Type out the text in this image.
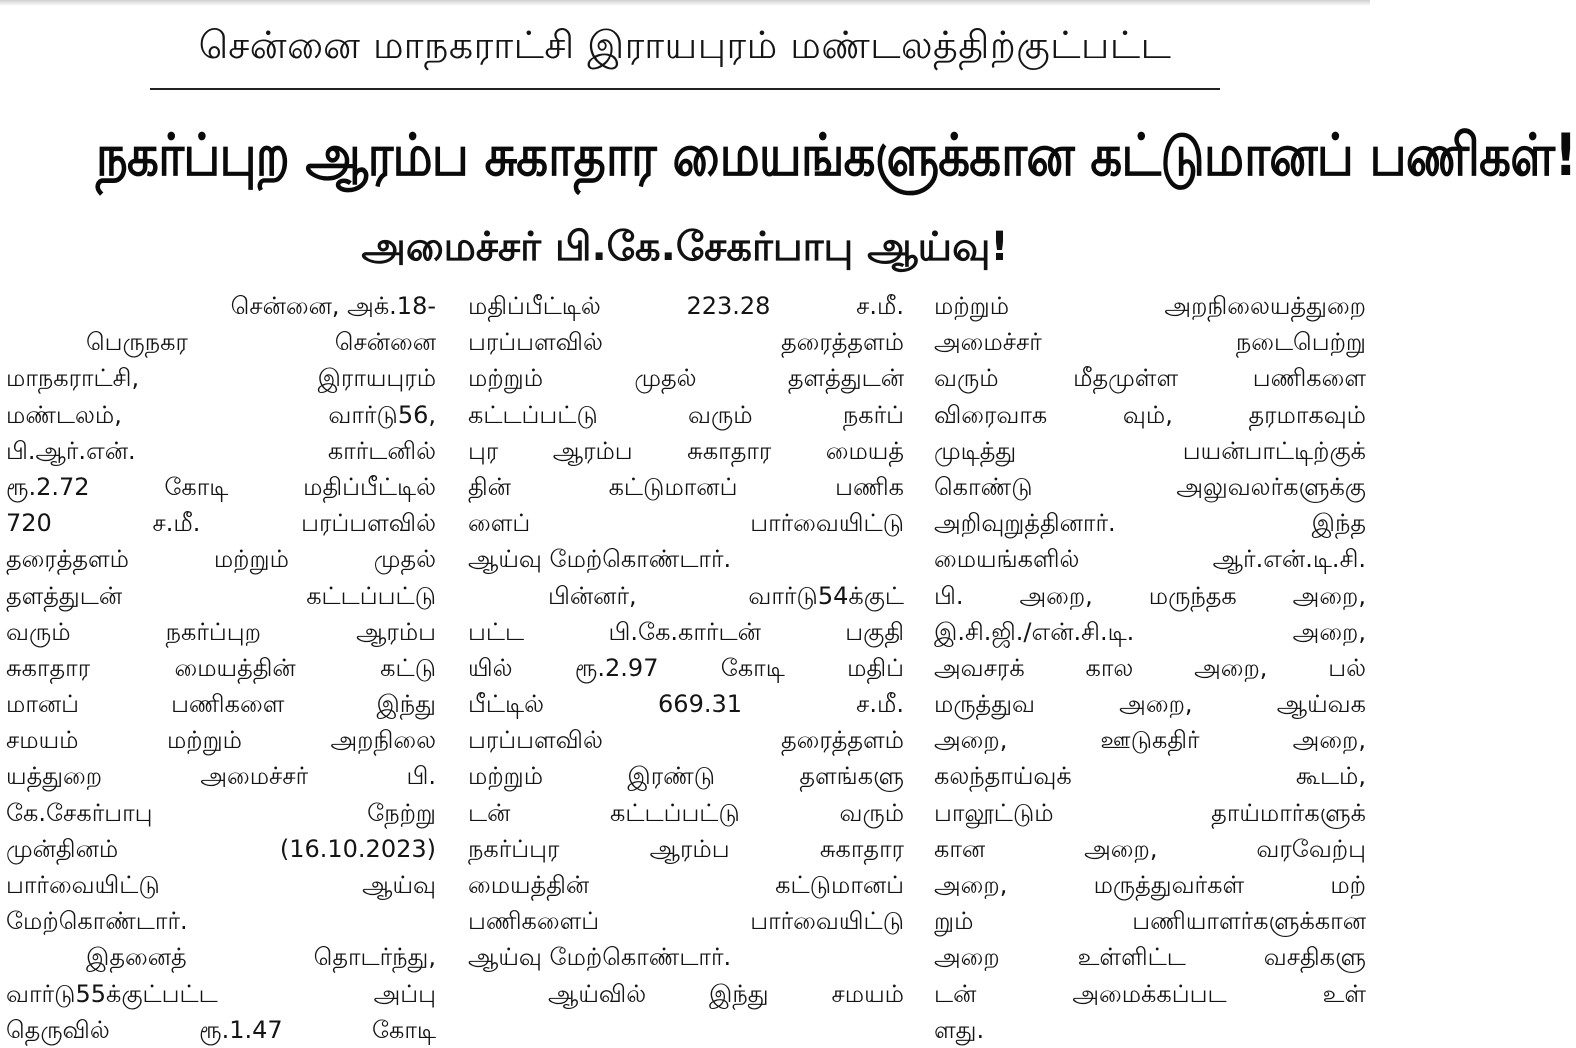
சென்னை மாநகராட்சி இராயபுரம் மண்டலத்திற்குட்பட்ட
நகர்ப்புற ஆரம்ப சுகாதார மையங்களுக்கான கட்டுமானப் பணிகள்!
அமைச்சர் பி.கே.சேகர்பாபு ஆய்வு!
சென்னை, அக்.18-
பெருநகர சென்னை
மாநகராட்சி, இராயபுரம்
மண்டலம், வார்டு56,
பி.ஆர்.என். கார்டனில்
ரூ.2.72 கோடி மதிப்பீட்டில்
720 ச.மீ. பரப்பளவில்
தரைத்தளம் மற்றும் முதல்
தளத்துடன் கட்டப்பட்டு
வரும் நகர்ப்புற ஆரம்ப
சுகாதார மையத்தின் கட்டு
மானப் பணிகளை இந்து
சமயம் மற்றும் அறநிலை
யத்துறை அமைச்சர் பி.
கே.சேகர்பாபு நேற்று
முன்தினம் (16.10.2023)
பார்வையிட்டு ஆய்வு
மேற்கொண்டார்.
இதனைத் தொடர்ந்து,
வார்டு55க்குட்பட்ட அப்பு
தெருவில் ரூ.1.47 கோடி
மதிப்பீட்டில் 223.28 ச.மீ.
பரப்பளவில் தரைத்தளம்
மற்றும் முதல் தளத்துடன்
கட்டப்பட்டு வரும் நகர்ப்
புர ஆரம்ப சுகாதார மையத்
தின் கட்டுமானப் பணிக
ளைப் பார்வையிட்டு
ஆய்வு மேற்கொண்டார்.
பின்னர், வார்டு54க்குட்
பட்ட பி.கே.கார்டன் பகுதி
யில் ரூ.2.97 கோடி மதிப்
பீட்டில் 669.31 ச.மீ.
பரப்பளவில் தரைத்தளம்
மற்றும் இரண்டு தளங்களு
டன் கட்டப்பட்டு வரும்
நகர்ப்புர ஆரம்ப சுகாதார
மையத்தின் கட்டுமானப்
பணிகளைப் பார்வையிட்டு
ஆய்வு மேற்கொண்டார்.
ஆய்வில் இந்து சமயம்
மற்றும் அறநிலையத்துறை
அமைச்சர் நடைபெற்று
வரும் மீதமுள்ள பணிகளை
விரைவாக வும், தரமாகவும்
முடித்து பயன்பாட்டிற்குக்
கொண்டு அலுவலர்களுக்கு
அறிவுறுத்தினார். இந்த
மையங்களில் ஆர்.என்.டி.சி.
பி. அறை, மருந்தக அறை,
இ.சி.ஜி./என்.சி.டி. அறை,
அவசரக் கால அறை, பல்
மருத்துவ அறை, ஆய்வக
அறை, ஊடுகதிர் அறை,
கலந்தாய்வுக் கூடம்,
பாலூட்டும் தாய்மார்களுக்
கான அறை, வரவேற்பு
அறை, மருத்துவர்கள் மற்
றும் பணியாளர்களுக்கான
அறை உள்ளிட்ட வசதிகளு
டன் அமைக்கப்பட உள்
ளது.
